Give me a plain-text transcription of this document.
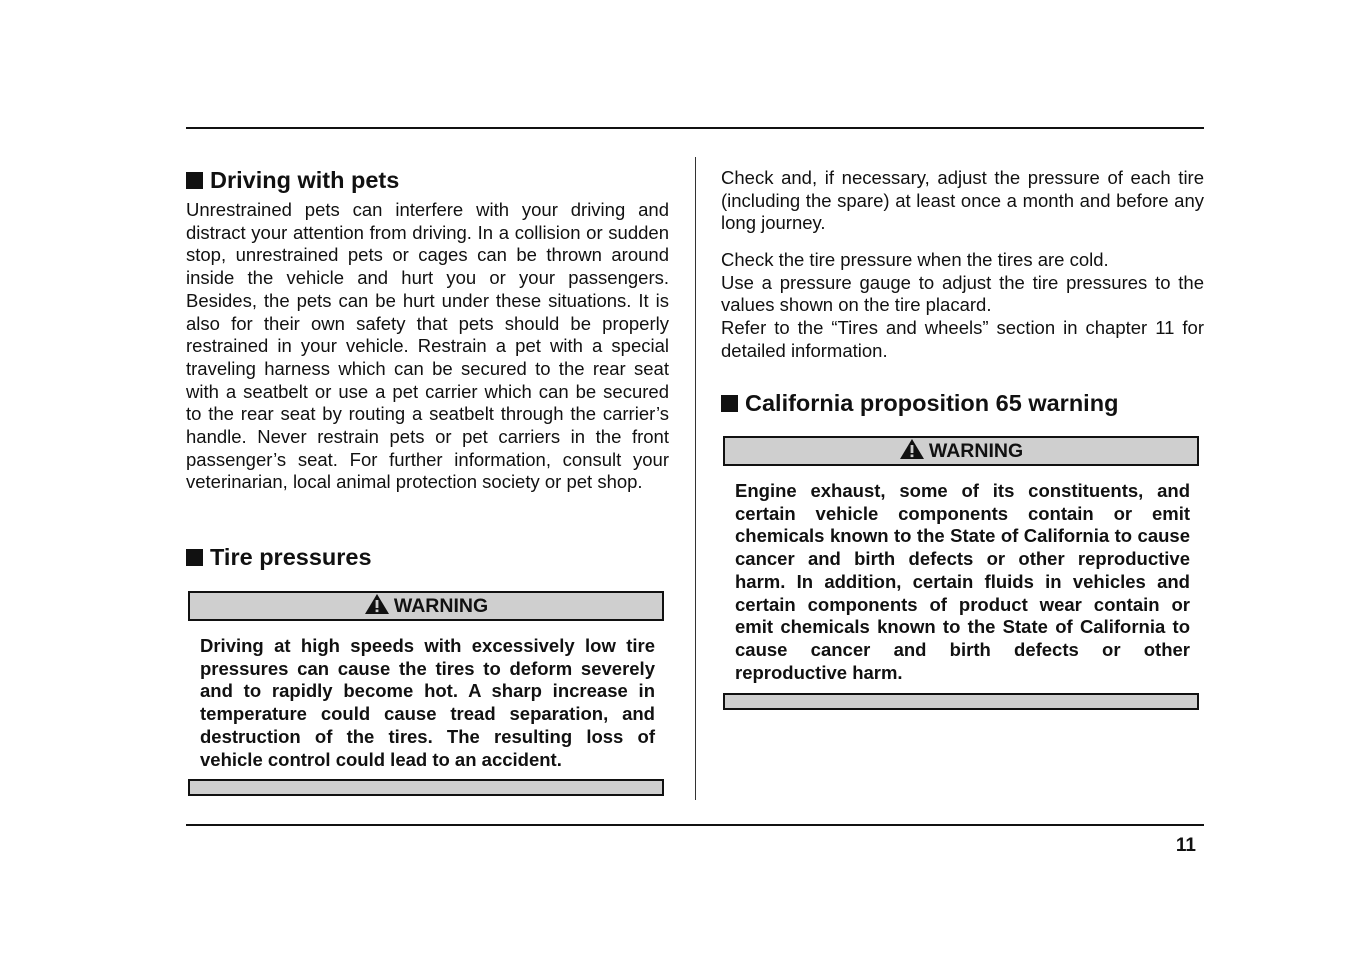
Driving with pets

Unrestrained pets can interfere with your driving and distract your attention from driving. In a collision or sudden stop, unrestrained pets or cages can be thrown around inside the vehicle and hurt you or your passengers. Besides, the pets can be hurt under these situations. It is also for their own safety that pets should be properly restrained in your vehicle. Restrain a pet with a special traveling harness which can be secured to the rear seat with a seatbelt or use a pet carrier which can be secured to the rear seat by routing a seatbelt through the carrier’s handle. Never restrain pets or pet carriers in the front passenger’s seat. For further information, consult your veterinarian, local animal protection society or pet shop.

Tire pressures
WARNING

Driving at high speeds with excessively low tire pressures can cause the tires to deform severely and to rapidly become hot. A sharp increase in temperature could cause tread separation, and destruction of the tires. The resulting loss of vehicle control could lead to an accident.

Check and, if necessary, adjust the pressure of each tire (including the spare) at least once a month and before any long journey.

Check the tire pressure when the tires are cold.
Use a pressure gauge to adjust the tire pressures to the values shown on the tire placard.
Refer to the “Tires and wheels” section in chapter 11 for detailed information.

California proposition 65 warning
WARNING

Engine exhaust, some of its constituents, and certain vehicle components contain or emit chemicals known to the State of California to cause cancer and birth defects or other reproductive harm. In addition, certain fluids in vehicles and certain components of product wear contain or emit chemicals known to the State of California to cause cancer and birth defects or other reproductive harm.

11
